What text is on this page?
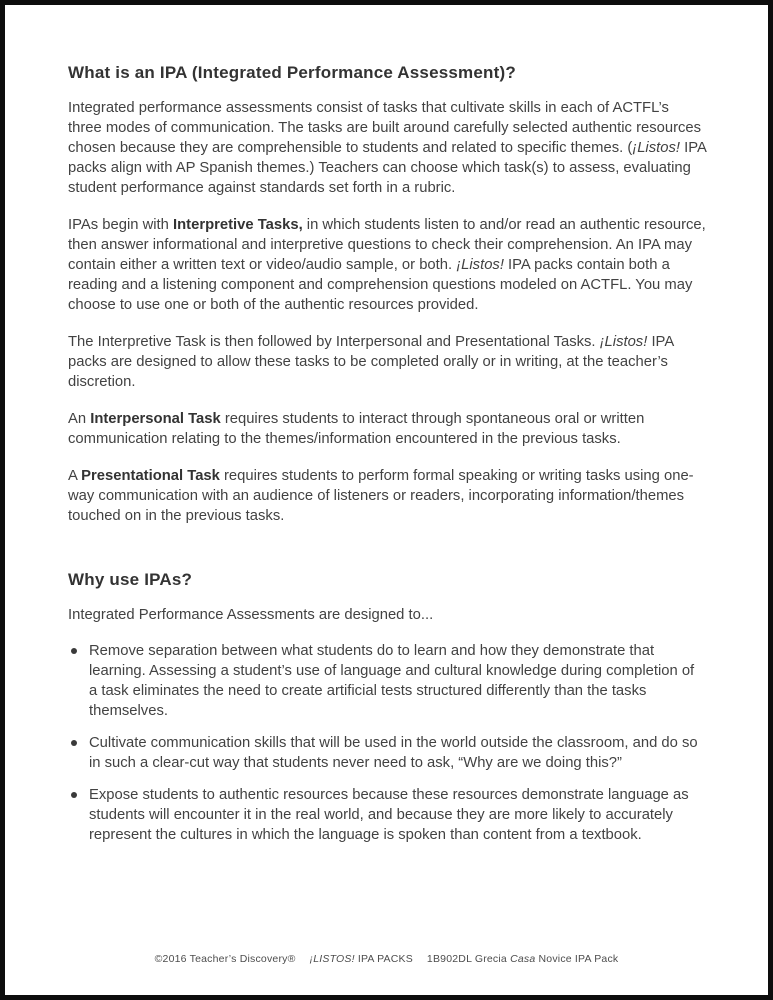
What is an IPA (Integrated Performance Assessment)?
Integrated performance assessments consist of tasks that cultivate skills in each of ACTFL’s three modes of communication. The tasks are built around carefully selected authentic resources chosen because they are comprehensible to students and related to specific themes. (¡Listos! IPA packs align with AP Spanish themes.) Teachers can choose which task(s) to assess, evaluating student performance against standards set forth in a rubric.
IPAs begin with Interpretive Tasks, in which students listen to and/or read an authentic resource, then answer informational and interpretive questions to check their comprehension. An IPA may contain either a written text or video/audio sample, or both. ¡Listos! IPA packs contain both a reading and a listening component and comprehension questions modeled on ACTFL. You may choose to use one or both of the authentic resources provided.
The Interpretive Task is then followed by Interpersonal and Presentational Tasks. ¡Listos! IPA packs are designed to allow these tasks to be completed orally or in writing, at the teacher’s discretion.
An Interpersonal Task requires students to interact through spontaneous oral or written communication relating to the themes/information encountered in the previous tasks.
A Presentational Task requires students to perform formal speaking or writing tasks using one-way communication with an audience of listeners or readers, incorporating information/themes touched on in the previous tasks.
Why use IPAs?
Integrated Performance Assessments are designed to...
Remove separation between what students do to learn and how they demonstrate that learning. Assessing a student’s use of language and cultural knowledge during completion of a task eliminates the need to create artificial tests structured differently than the tasks themselves.
Cultivate communication skills that will be used in the world outside the classroom, and do so in such a clear-cut way that students never need to ask, “Why are we doing this?”
Expose students to authentic resources because these resources demonstrate language as students will encounter it in the real world, and because they are more likely to accurately represent the cultures in which the language is spoken than content from a textbook.
©2016 Teacher’s Discovery® ¡LISTOS! IPA PACKS 1B902DL Grecia Casa Novice IPA Pack
